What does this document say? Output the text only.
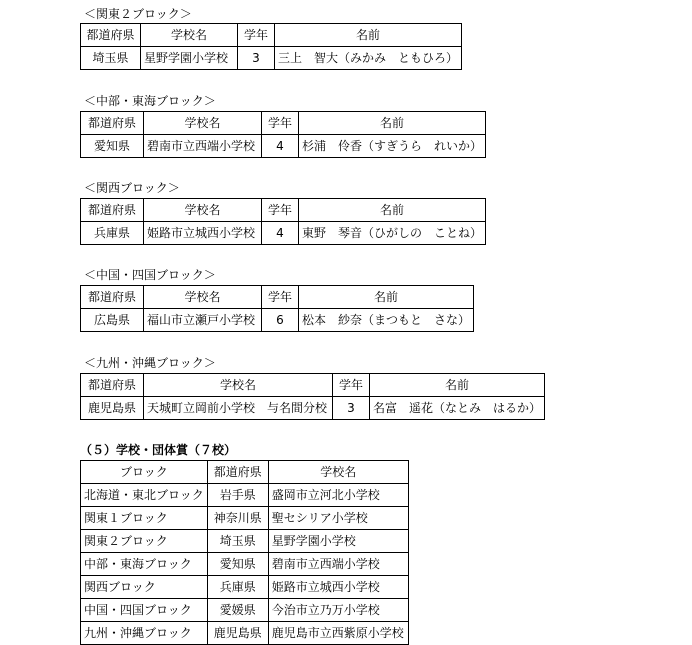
＜関東２ブロック＞
都道府県	学校名	学年	名前
埼玉県	星野学園小学校	3	三上　智大（みかみ　ともひろ）
＜中部・東海ブロック＞
都道府県	学校名	学年	名前
愛知県	碧南市立西端小学校	4	杉浦　伶香（すぎうら　れいか）
＜関西ブロック＞
都道府県	学校名	学年	名前
兵庫県	姫路市立城西小学校	4	東野　琴音（ひがしの　ことね）
＜中国・四国ブロック＞
都道府県	学校名	学年	名前
広島県	福山市立瀬戸小学校	6	松本　紗奈（まつもと　さな）
＜九州・沖縄ブロック＞
都道府県	学校名	学年	名前
鹿児島県	天城町立岡前小学校　与名間分校	3	名富　遥花（なとみ　はるか）
（５）学校・団体賞（７校）
ブロック	都道府県	学校名
北海道・東北ブロック	岩手県	盛岡市立河北小学校
関東１ブロック	神奈川県	聖セシリア小学校
関東２ブロック	埼玉県	星野学園小学校
中部・東海ブロック	愛知県	碧南市立西端小学校
関西ブロック	兵庫県	姫路市立城西小学校
中国・四国ブロック	愛媛県	今治市立乃万小学校
九州・沖縄ブロック	鹿児島県	鹿児島市立西紫原小学校
